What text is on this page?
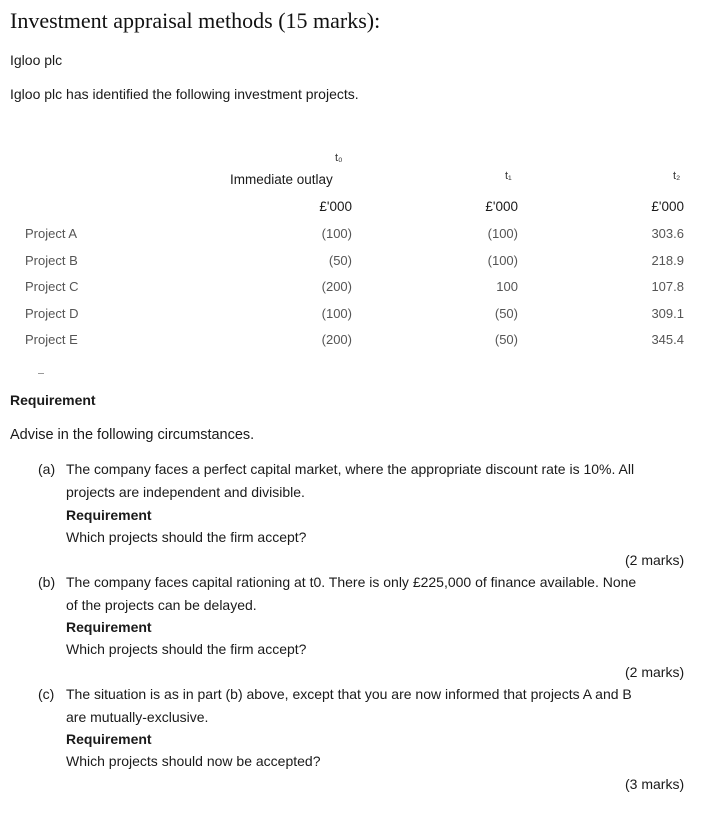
Investment appraisal methods (15 marks):
Igloo plc
Igloo plc has identified the following investment projects.
t₀
t₁	t₂
Immediate outlay
£'000	£'000	£'000
Project A	(100)	(100)	303.6
Project B	(50)	(100)	218.9
Project C	(200)	100	107.8
Project D	(100)	(50)	309.1
Project E	(200)	(50)	345.4
Requirement
Advise in the following circumstances.
(a) The company faces a perfect capital market, where the appropriate discount rate is 10%. All
projects are independent and divisible.
Requirement
Which projects should the firm accept?
(2 marks)
(b) The company faces capital rationing at t0. There is only £225,000 of finance available. None
of the projects can be delayed.
Requirement
Which projects should the firm accept?
(2 marks)
(c) The situation is as in part (b) above, except that you are now informed that projects A and B
are mutually-exclusive.
Requirement
Which projects should now be accepted?
(3 marks)
